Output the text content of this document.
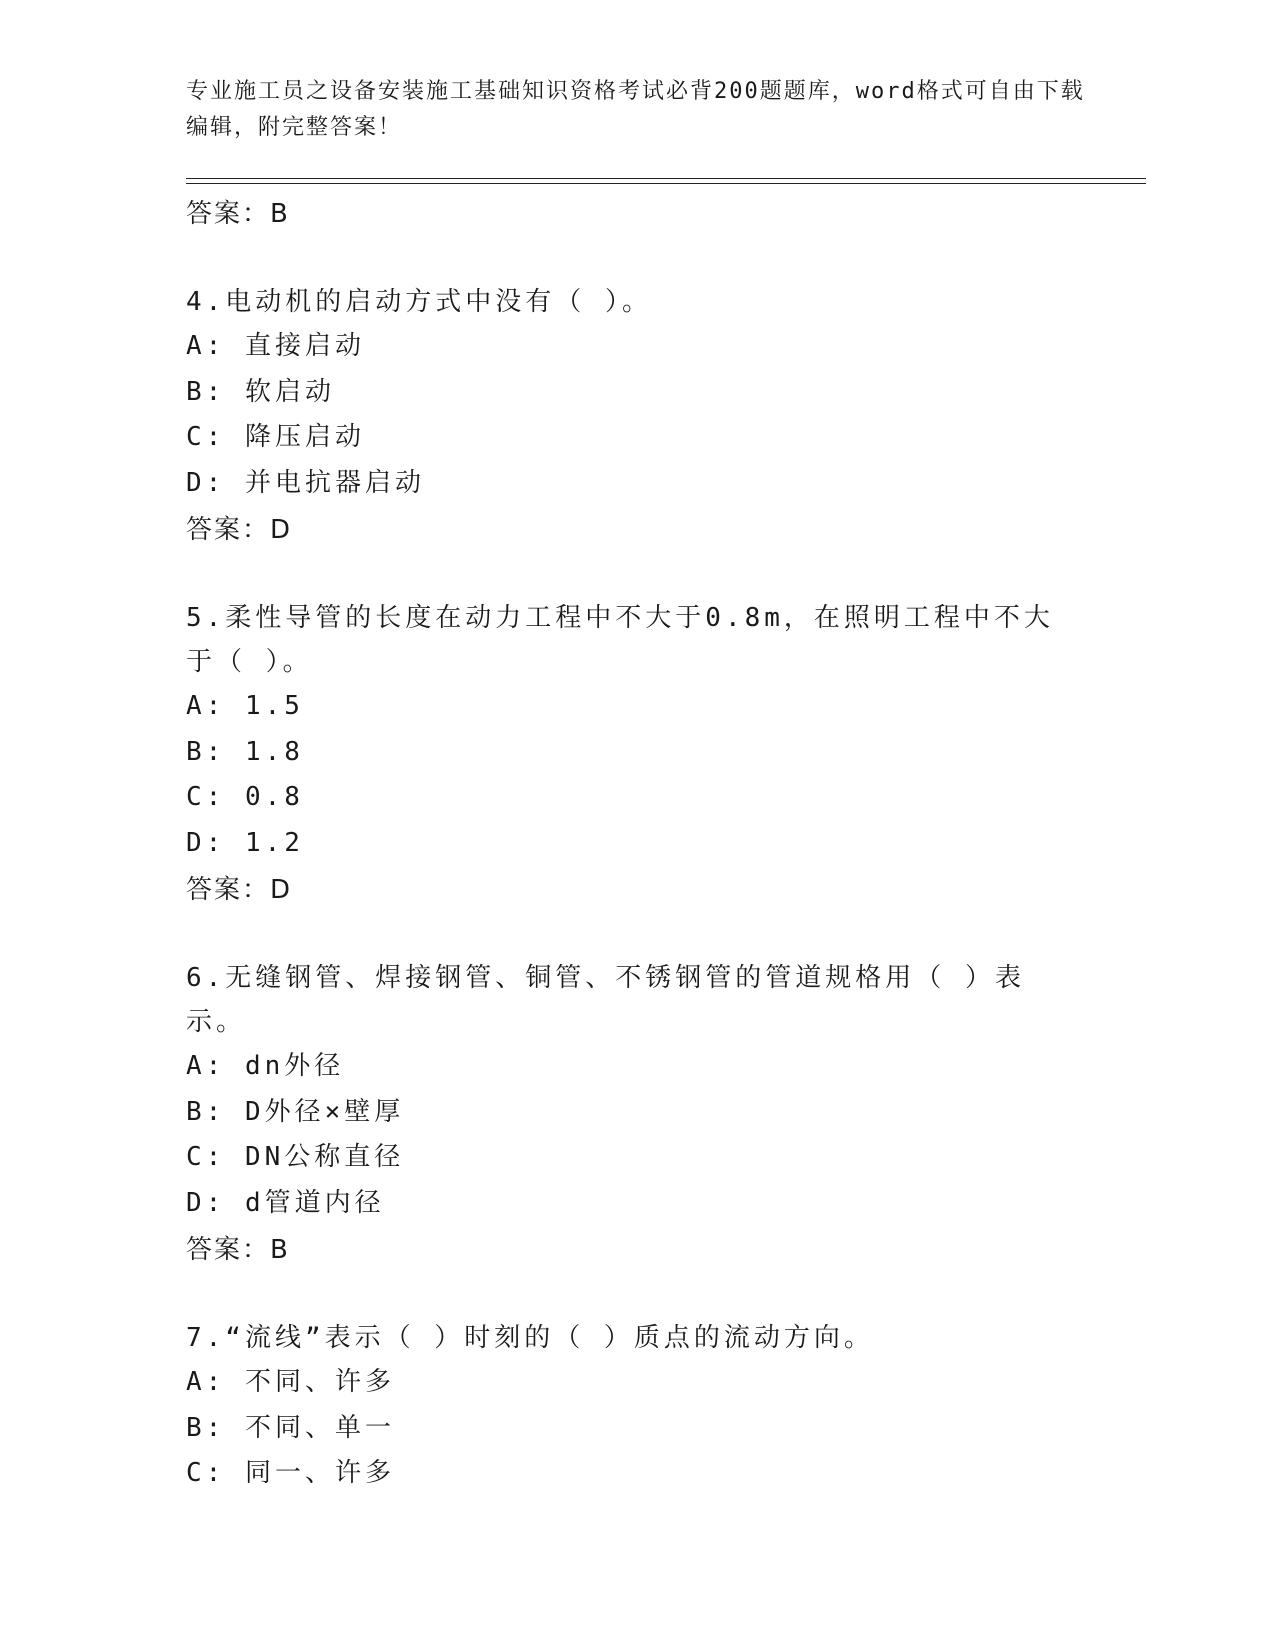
专业施工员之设备安装施工基础知识资格考试必背200题题库，word格式可自由下载编辑，附完整答案！

答案：B

4.电动机的启动方式中没有（ ）。

A: 直接启动

B: 软启动

C: 降压启动

D: 并电抗器启动

答案：D

5.柔性导管的长度在动力工程中不大于0.8m，在照明工程中不大于（ ）。

A: 1.5

B: 1.8

C: 0.8

D: 1.2

答案：D

6.无缝钢管、焊接钢管、铜管、不锈钢管的管道规格用（ ）表示。

A: dn外径

B: D外径×壁厚

C: DN公称直径

D: d管道内径

答案：B

7.“流线”表示（ ）时刻的（ ）质点的流动方向。

A: 不同、许多

B: 不同、单一

C: 同一、许多
